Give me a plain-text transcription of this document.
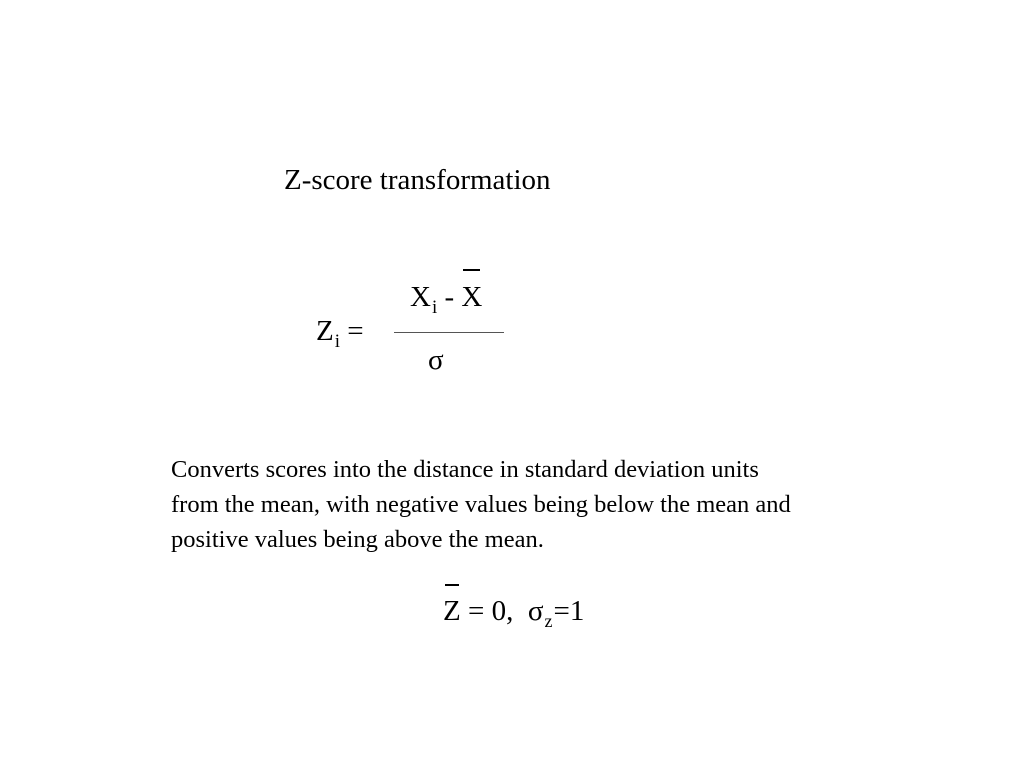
Z-score transformation
$Z_i$ =
$X_i$ - X
σ
Converts scores into the distance in standard deviation units
from the mean, with negative values being below the mean and
positive values being above the mean.
Z = 0, $\sigma_z=1$
